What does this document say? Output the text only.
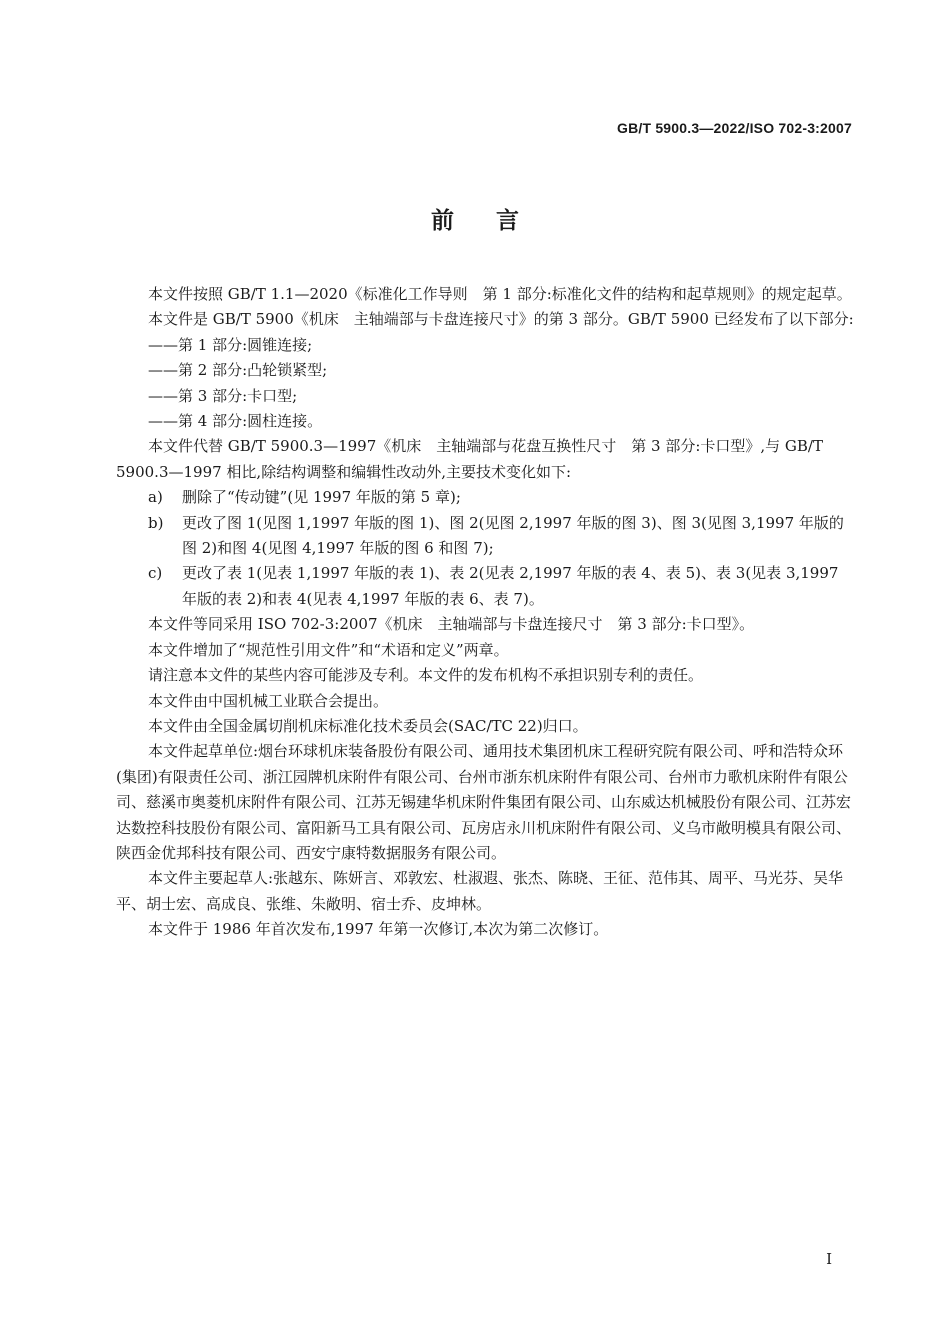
GB/T 5900.3—2022/ISO 702-3:2007
前言

本文件按照 GB/T 1.1—2020《标准化工作导则　第 1 部分:标准化文件的结构和起草规则》的规定起草。

本文件是 GB/T 5900《机床　主轴端部与卡盘连接尺寸》的第 3 部分。GB/T 5900 已经发布了以下部分:

——第 1 部分:圆锥连接;

——第 2 部分:凸轮锁紧型;

——第 3 部分:卡口型;

——第 4 部分:圆柱连接。

本文件代替 GB/T 5900.3—1997《机床　主轴端部与花盘互换性尺寸　第 3 部分:卡口型》,与 GB/T 5900.3—1997 相比,除结构调整和编辑性改动外,主要技术变化如下:

a)	删除了“传动键”(见 1997 年版的第 5 章);
b)	更改了图 1(见图 1,1997 年版的图 1)、图 2(见图 2,1997 年版的图 3)、图 3(见图 3,1997 年版的图 2)和图 4(见图 4,1997 年版的图 6 和图 7);
c)	更改了表 1(见表 1,1997 年版的表 1)、表 2(见表 2,1997 年版的表 4、表 5)、表 3(见表 3,1997 年版的表 2)和表 4(见表 4,1997 年版的表 6、表 7)。

本文件等同采用 ISO 702-3:2007《机床　主轴端部与卡盘连接尺寸　第 3 部分:卡口型》。

本文件增加了“规范性引用文件”和“术语和定义”两章。

请注意本文件的某些内容可能涉及专利。本文件的发布机构不承担识别专利的责任。

本文件由中国机械工业联合会提出。

本文件由全国金属切削机床标准化技术委员会(SAC/TC 22)归口。

本文件起草单位:烟台环球机床装备股份有限公司、通用技术集团机床工程研究院有限公司、呼和浩特众环(集团)有限责任公司、浙江园牌机床附件有限公司、台州市浙东机床附件有限公司、台州市力歌机床附件有限公司、慈溪市奥菱机床附件有限公司、江苏无锡建华机床附件集团有限公司、山东威达机械股份有限公司、江苏宏达数控科技股份有限公司、富阳新马工具有限公司、瓦房店永川机床附件有限公司、义乌市敞明模具有限公司、陕西金优邦科技有限公司、西安宁康特数据服务有限公司。

本文件主要起草人:张越东、陈妍言、邓敦宏、杜淑遐、张杰、陈晓、王征、范伟其、周平、马光芬、吴华平、胡士宏、高成良、张维、朱敞明、宿士乔、皮坤林。

本文件于 1986 年首次发布,1997 年第一次修订,本次为第二次修订。

I
